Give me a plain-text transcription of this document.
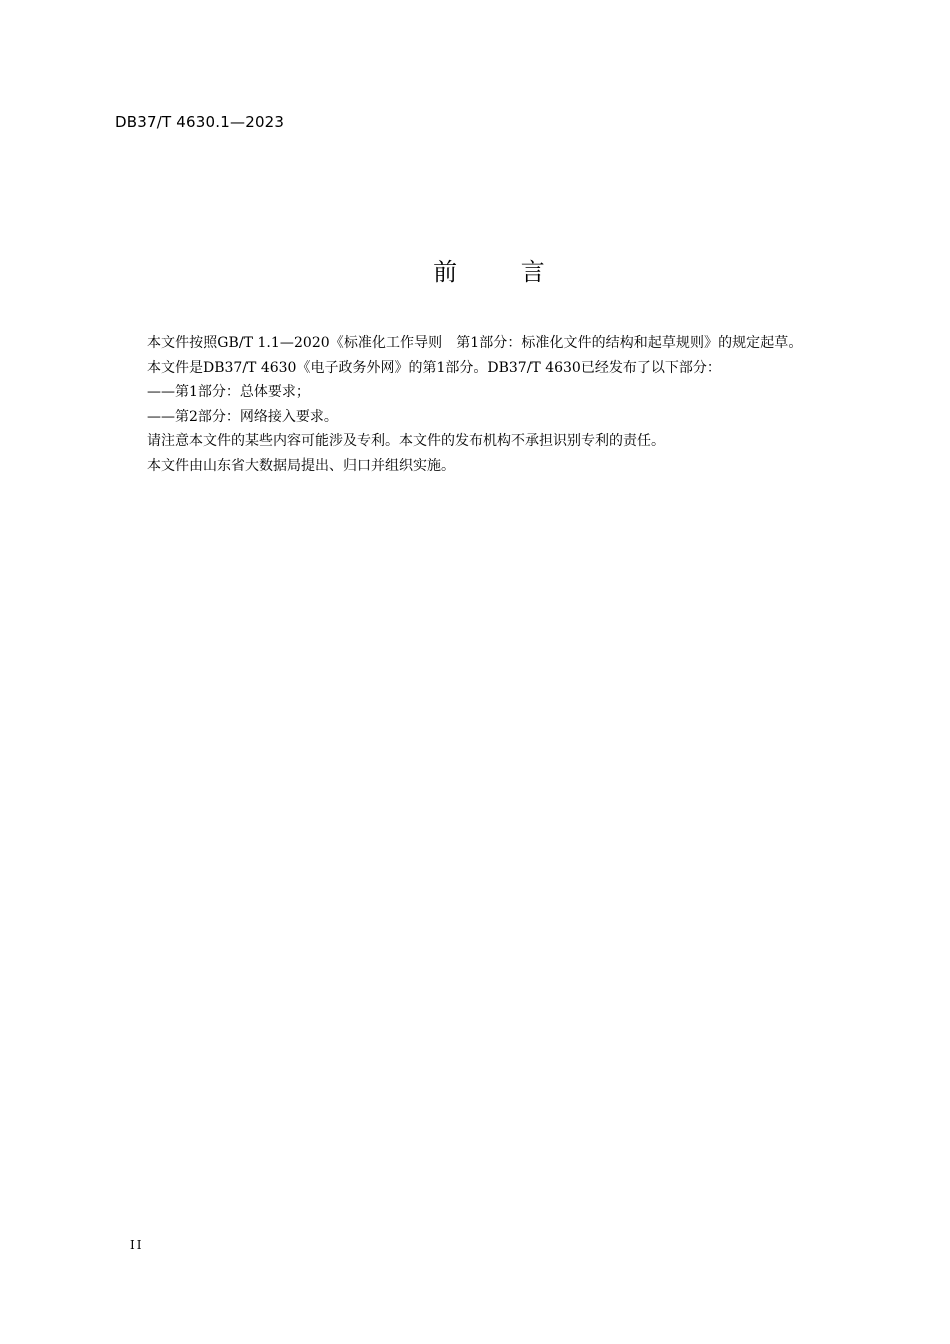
DB37/T 4630.1—2023
前 言

本文件按照GB/T 1.1—2020《标准化工作导则　第1部分：标准化文件的结构和起草规则》的规定起草。

本文件是DB37/T 4630《电子政务外网》的第1部分。DB37/T 4630已经发布了以下部分：

——第1部分：总体要求；

——第2部分：网络接入要求。

请注意本文件的某些内容可能涉及专利。本文件的发布机构不承担识别专利的责任。

本文件由山东省大数据局提出、归口并组织实施。

II
